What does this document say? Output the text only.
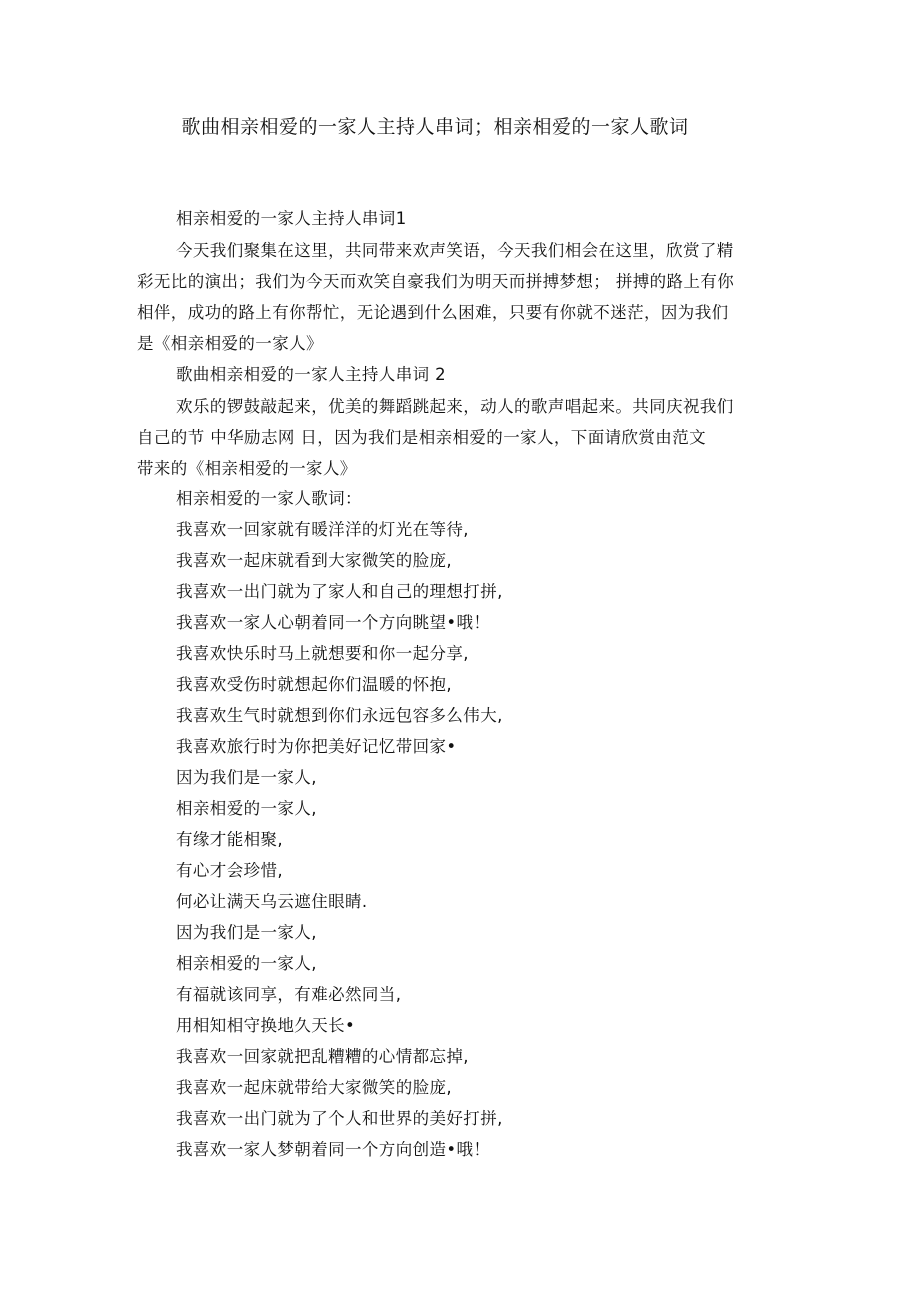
歌曲相亲相爱的一家人主持人串词；相亲相爱的一家人歌词
相亲相爱的一家人主持人串词1
今天我们聚集在这里，共同带来欢声笑语，今天我们相会在这里，欣赏了精
彩无比的演出；我们为今天而欢笑自豪我们为明天而拼搏梦想； 拼搏的路上有你
相伴，成功的路上有你帮忙，无论遇到什么困难，只要有你就不迷茫，因为我们
是《相亲相爱的一家人》
歌曲相亲相爱的一家人主持人串词 2
欢乐的锣鼓敲起来，优美的舞蹈跳起来，动人的歌声唱起来。共同庆祝我们
自己的节 中华励志网 日，因为我们是相亲相爱的一家人，下面请欣赏由范文
带来的《相亲相爱的一家人》
相亲相爱的一家人歌词：
我喜欢一回家就有暖洋洋的灯光在等待,
我喜欢一起床就看到大家微笑的脸庞,
我喜欢一出门就为了家人和自己的理想打拼,
我喜欢一家人心朝着同一个方向眺望•哦！
我喜欢快乐时马上就想要和你一起分享,
我喜欢受伤时就想起你们温暖的怀抱,
我喜欢生气时就想到你们永远包容多么伟大,
我喜欢旅行时为你把美好记忆带回家•
因为我们是一家人,
相亲相爱的一家人,
有缘才能相聚,
有心才会珍惜,
何必让满天乌云遮住眼睛.
因为我们是一家人,
相亲相爱的一家人,
有福就该同享，有难必然同当,
用相知相守换地久天长•
我喜欢一回家就把乱糟糟的心情都忘掉,
我喜欢一起床就带给大家微笑的脸庞,
我喜欢一出门就为了个人和世界的美好打拼,
我喜欢一家人梦朝着同一个方向创造•哦！
